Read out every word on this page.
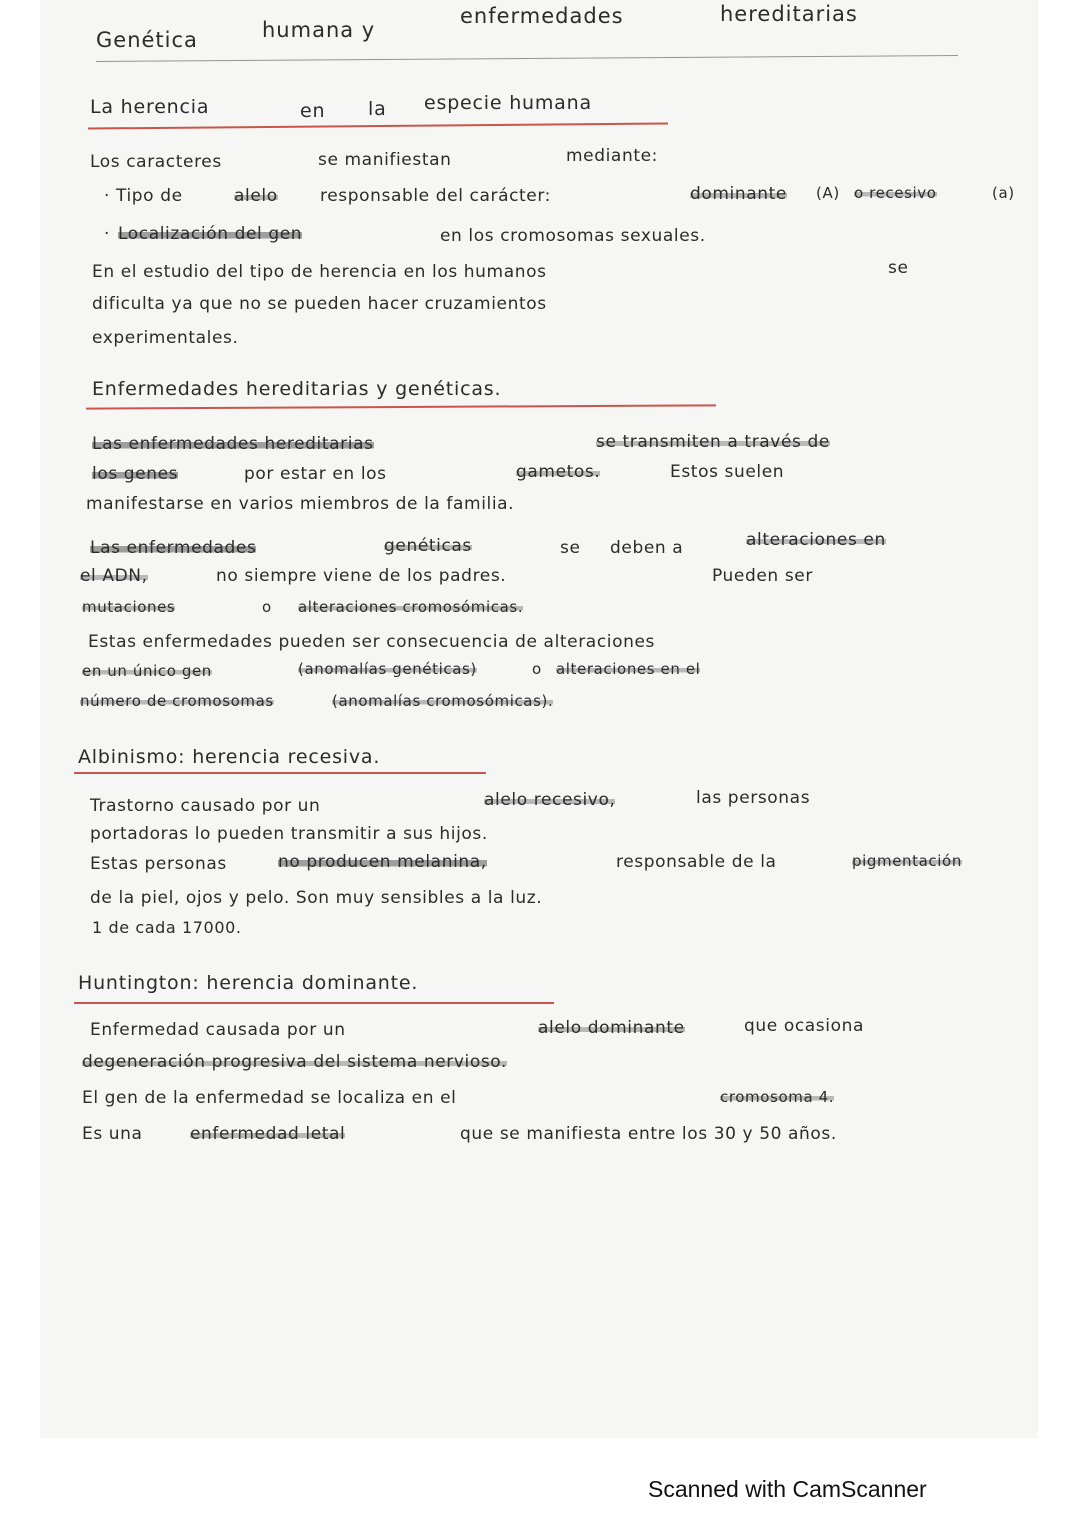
Genética	humana y
enfermedades	hereditarias
La herencia	en la especie humana
Los caracteres	se manifiestan	mediante:
· Tipo de	alelo responsable del carácter:	dominante (A) o recesivo	(a)
· Localización del gen	en los cromosomas sexuales.
En el estudio del tipo de herencia en los humanos	se
dificulta ya que no se pueden hacer cruzamientos
experimentales.
Enfermedades hereditarias y genéticas.
Las enfermedades hereditarias	se transmiten a través de
los genes	por estar en los	gametos.	Estos suelen
manifestarse en varios miembros de la familia.
Las enfermedades	genéticas	se deben a	alteraciones en
el ADN,	no siempre viene de los padres.	Pueden ser
mutaciones	o alteraciones cromosómicas.
Estas enfermedades pueden ser consecuencia de alteraciones
en un único gen	(anomalías genéticas)	o alteraciones en el
número de cromosomas	(anomalías cromosómicas).
Albinismo: herencia recesiva.
Trastorno causado por un	alelo recesivo,	las personas
portadoras lo pueden transmitir a sus hijos.
Estas personas	no producen melanina,	responsable de la	pigmentación
de la piel, ojos y pelo. Son muy sensibles a la luz.
1 de cada 17000.
Huntington: herencia dominante.
Enfermedad causada por un	alelo dominante	que ocasiona
degeneración progresiva del sistema nervioso.
El gen de la enfermedad se localiza en el	cromosoma 4.
Es una	enfermedad letal	que se manifiesta entre los 30 y 50 años.
Scanned with CamScanner
